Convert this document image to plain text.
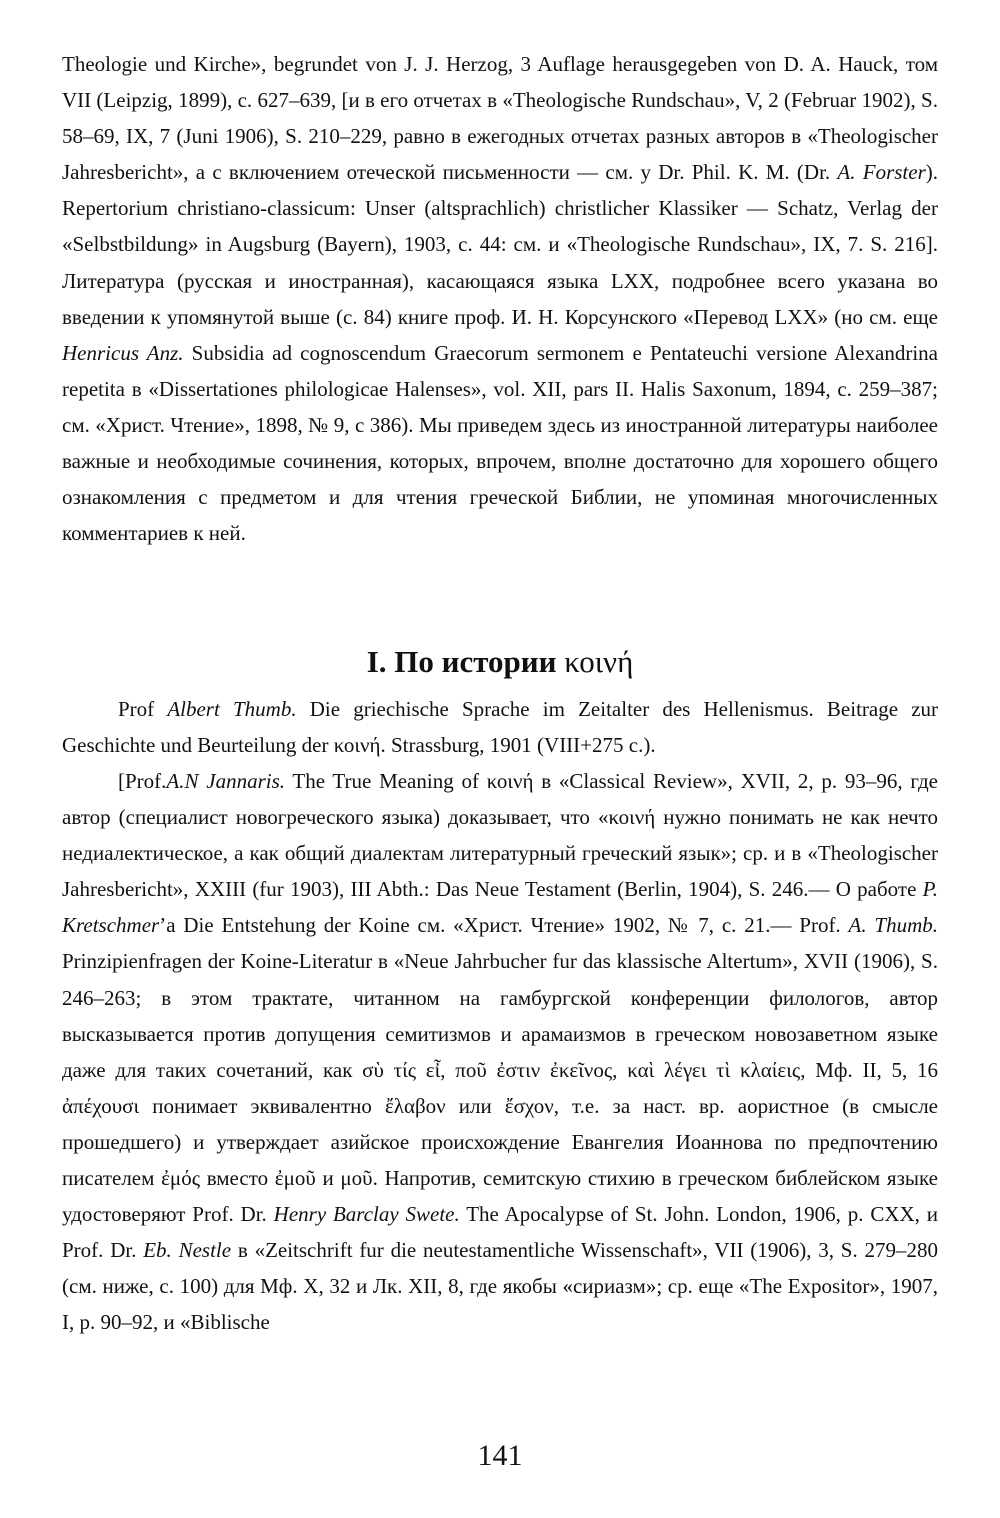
Theologie und Kirche», begrundet von J. J. Herzog, 3 Auflage herausgegeben von D. A. Hauck, том VII (Leipzig, 1899), с. 627–639, [и в его отчетах в «Theologische Rundschau», V, 2 (Februar 1902), S. 58–69, IX, 7 (Juni 1906), S. 210–229, равно в ежегодных отчетах разных авторов в «Theologischer Jahresbericht», а с включением отеческой письменности — см. у Dr. Phil. K. M. (Dr. A. Forster). Repertorium christiano-classicum: Unser (altsprachlich) christlicher Klassiker — Schatz, Verlag der «Selbstbildung» in Augsburg (Bayern), 1903, с. 44: см. и «Theologische Rundschau», IX, 7. S. 216]. Литература (русская и иностранная), касающаяся языка LXX, подробнее всего указана во введении к упомянутой выше (с. 84) книге проф. И. Н. Корсунского «Перевод LXX» (но см. еще Henricus Anz. Subsidia ad cognoscendum Graecorum sermonem e Pentateuchi versione Alexandrina repetita в «Dissertationes philologicae Halenses», vol. XII, pars II. Halis Saxonum, 1894, с. 259–387; см. «Христ. Чтение», 1898, № 9, с 386). Мы приведем здесь из иностранной литературы наиболее важные и необходимые сочинения, которых, впрочем, вполне достаточно для хорошего общего ознакомления с предметом и для чтения греческой Библии, не упоминая многочисленных комментариев к ней.

I. По истории κοινή

Prof Albert Thumb. Die griechische Sprache im Zeitalter des Hellenismus. Beitrage zur Geschichte und Beurteilung der κοινή. Strassburg, 1901 (VIII+275 с.).

[Prof.A.N Jannaris. The True Meaning of κοινή в «Classical Review», XVII, 2, p. 93–96, где автор (специалист новогреческого языка) доказывает, что «κοινή нужно понимать не как нечто недиалектическое, а как общий диалектам литературный греческий язык»; ср. и в «Theologischer Jahresbericht», XXIII (fur 1903), III Abth.: Das Neue Testament (Berlin, 1904), S. 246.— О работе P. Kretschmer’а Die Entstehung der Koine см. «Христ. Чтение» 1902, № 7, с. 21.— Prof. A. Thumb. Prinzipienfragen der Koine-Literatur в «Neue Jahrbucher fur das klassische Altertum», XVII (1906), S. 246–263; в этом трактате, читанном на гамбургской конференции филологов, автор высказывается против допущения семитизмов и арамаизмов в греческом новозаветном языке даже для таких сочетаний, как σὺ τίς εἶ, ποῦ ἐστιν ἐκεῖνος, καὶ λέγει τὶ κλαίεις, Мф. II, 5, 16 ἀπέχουσι понимает эквивалентно ἔλαβον или ἔσχον, т.е. за наст. вр. аористное (в смысле прошедшего) и утверждает азийское происхождение Евангелия Иоаннова по предпочтению писателем ἐμός вместо ἐμοῦ и μοῦ. Напротив, семитскую стихию в греческом библейском языке удостоверяют Prof. Dr. Henry Barclay Swete. The Apocalypse of St. John. London, 1906, p. CXX, и Prof. Dr. Eb. Nestle в «Zeitschrift fur die neutestamentliche Wissenschaft», VII (1906), 3, S. 279–280 (см. ниже, с. 100) для Мф. X, 32 и Лк. XII, 8, где якобы «сириазм»; ср. еще «The Expositor», 1907, I, p. 90–92, и «Biblische

141
